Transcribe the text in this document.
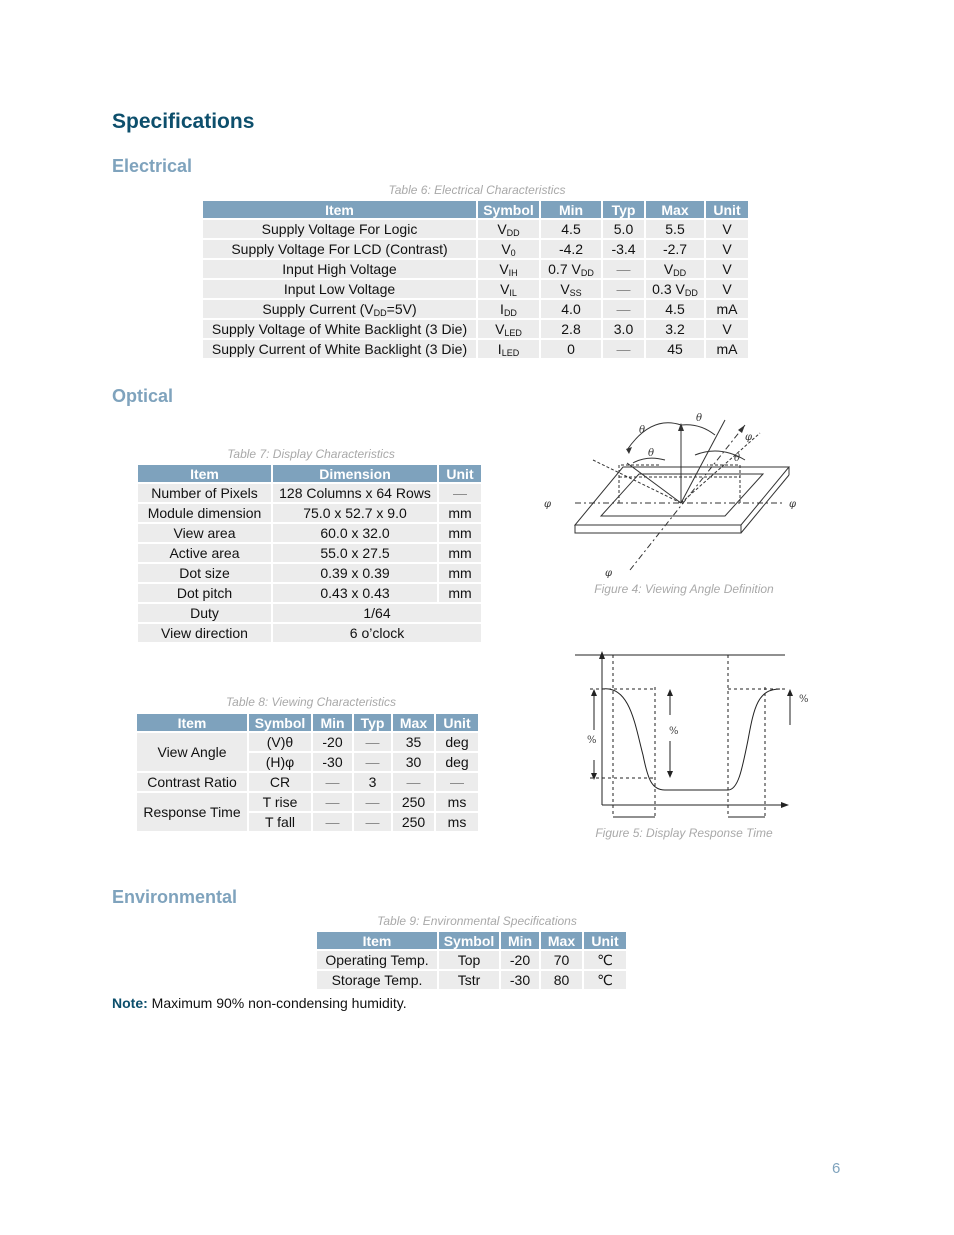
Specifications
Electrical
Table 6: Electrical Characteristics
Item	Symbol	Min	Typ	Max	Unit
Supply Voltage For Logic	$V_{DD}$	4.5	5.0	5.5	V
Supply Voltage For LCD (Contrast)	$V_0$	-4.2	-3.4	-2.7	V
Input High Voltage	$V_{IH}$	0.7 $V_{DD}$	—	$V_{DD}$	V
Input Low Voltage	$V_{IL}$	$V_{SS}$	—	0.3 $V_{DD}$	V
Supply Current $(V_{DD}=5V)$	$I_{DD}$	4.0	—	4.5	mA
Supply Voltage of White Backlight (3 Die)	$V_{LED}$	2.8	3.0	3.2	V
Supply Current of White Backlight (3 Die)	$I_{LED}$	0	—	45	mA
Optical
Table 7: Display Characteristics
Item	Dimension	Unit
Number of Pixels	128 Columns x 64 Rows	—
Module dimension	75.0 x 52.7 x 9.0	mm
View area	60.0 x 32.0	mm
Active area	55.0 x 27.5	mm
Dot size	0.39 x 0.39	mm
Dot pitch	0.43 x 0.43	mm
Duty	1/64	
View direction	6 o’clock	
Table 8: Viewing Characteristics
Item	Symbol	Min	Typ	Max	Unit
View Angle	(V)θ	-20	—	35	deg
	(H)φ	-30	—	30	deg
Contrast Ratio	CR	—	3	—	—
Response Time	T rise	—	—	250	ms
	T fall	—	—	250	ms
θ
θ
θ	θ
φ
φ	φ
φ
Figure 4: Viewing Angle Definition
%
%
%
Figure 5: Display Response Time
Environmental
Table 9: Environmental Specifications
Item	Symbol	Min	Max	Unit
Operating Temp.	Top	-20	70	℃
Storage Temp.	Tstr	-30	80	℃
Note: Maximum 90% non-condensing humidity.
6
